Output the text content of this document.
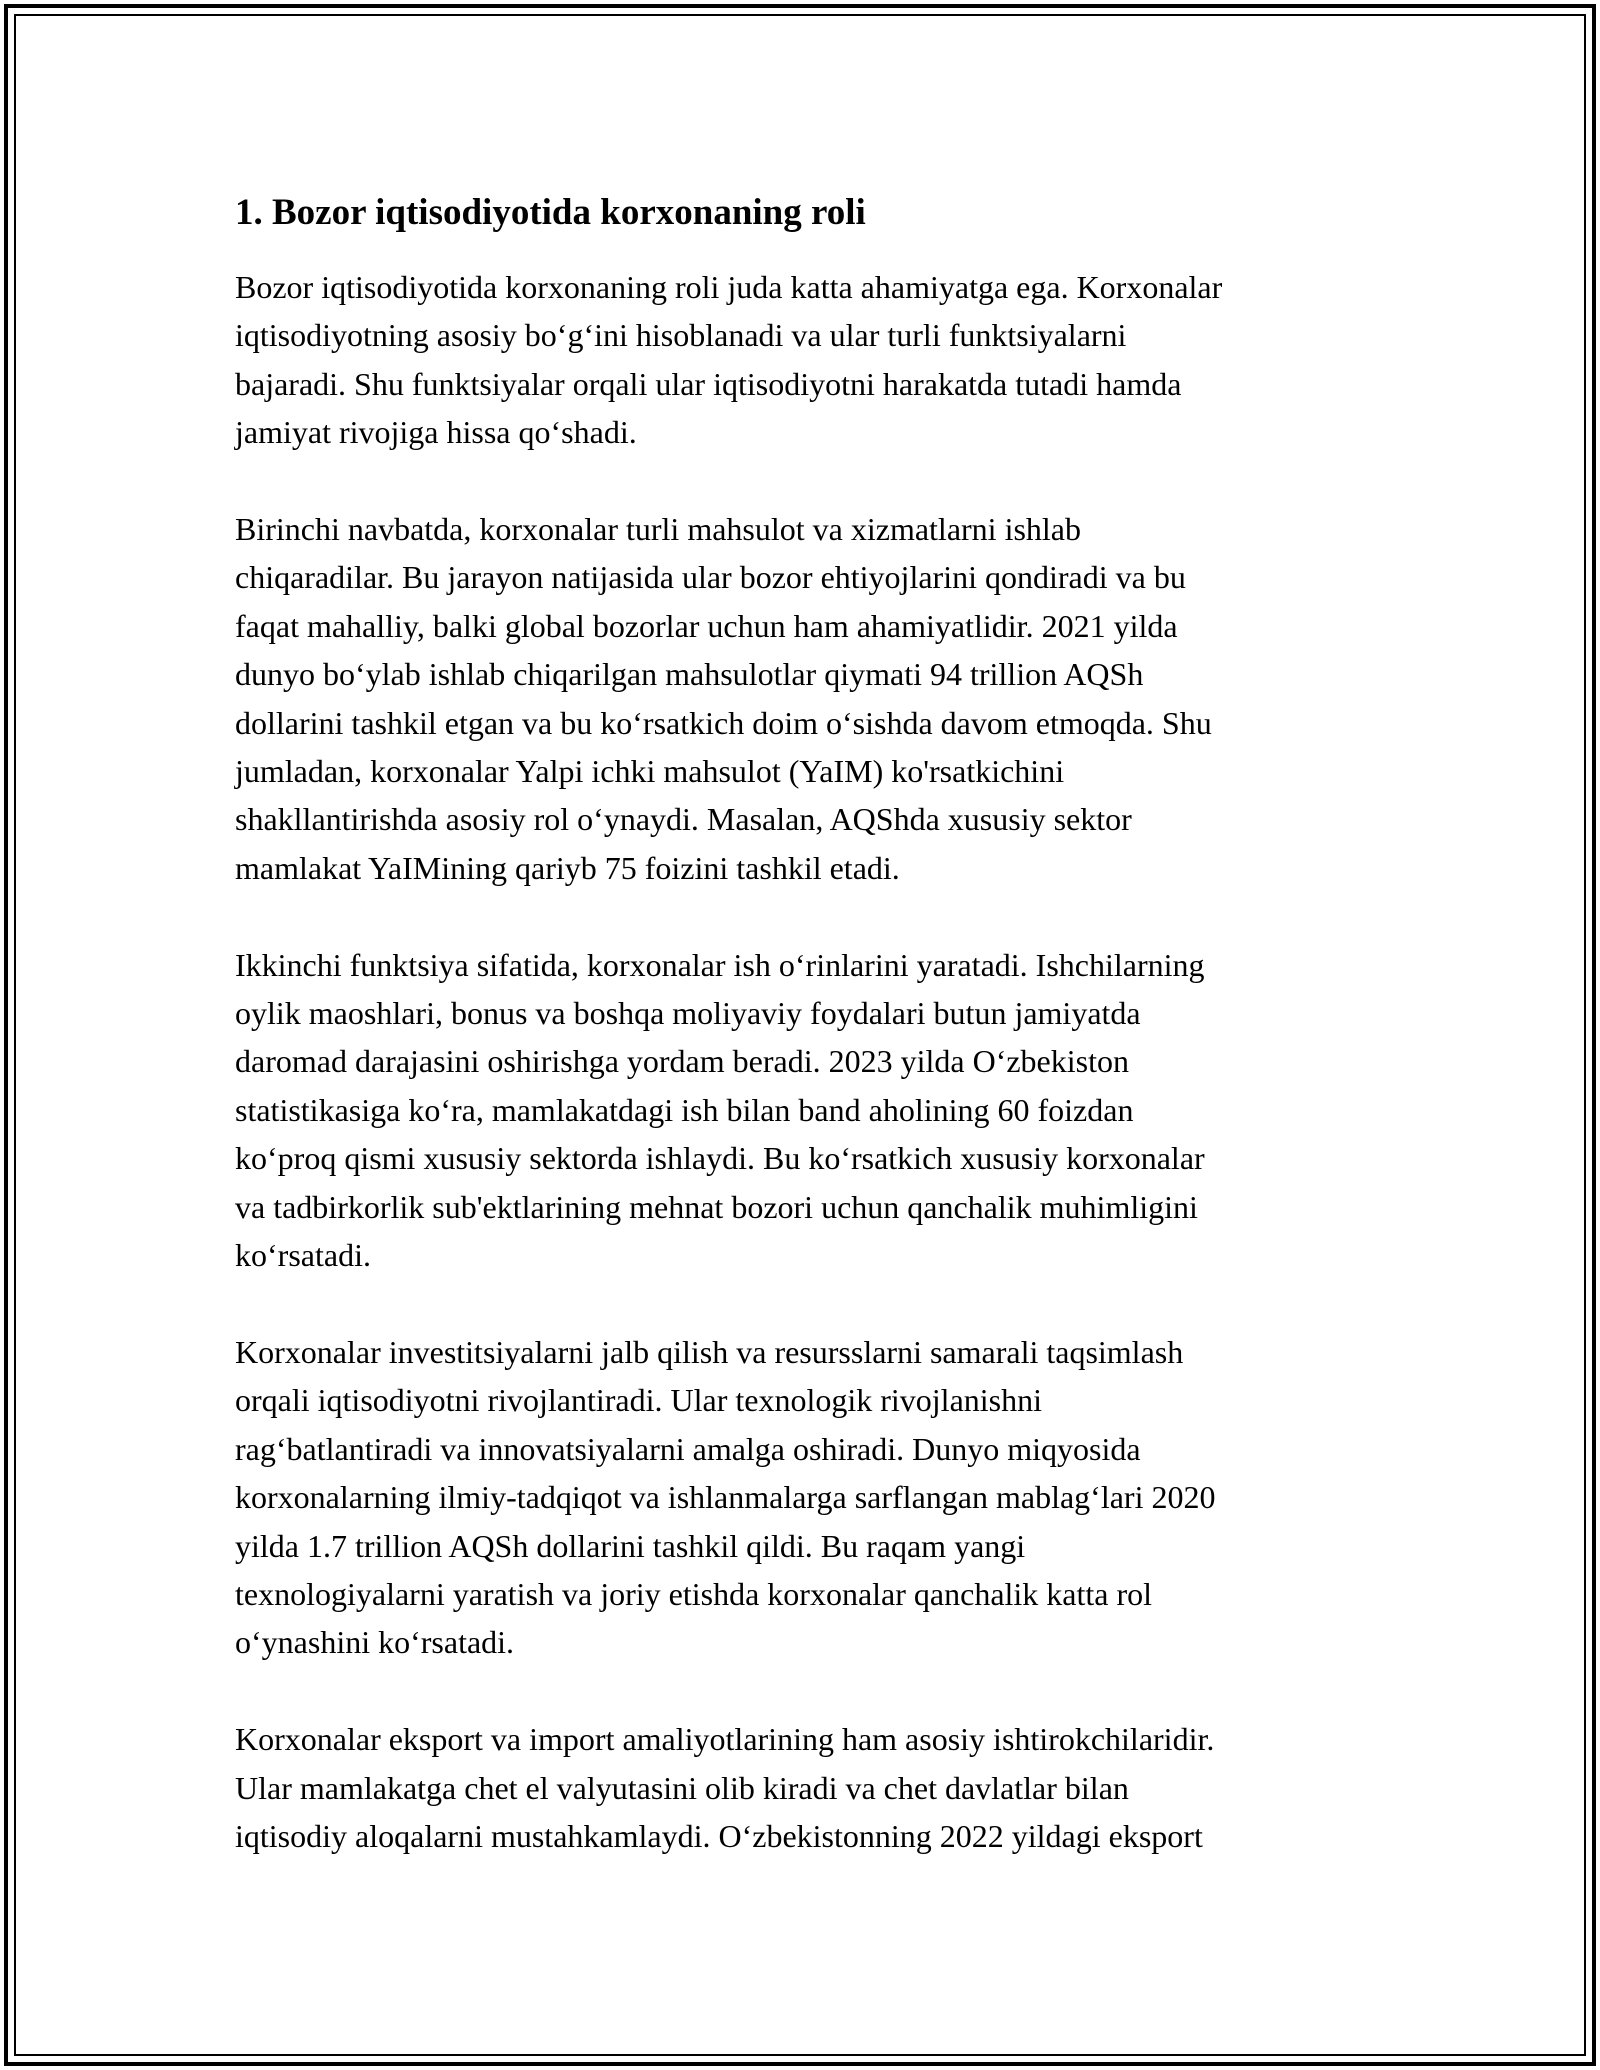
1. Bozor iqtisodiyotida korxonaning roli

Bozor iqtisodiyotida korxonaning roli juda katta ahamiyatga ega. Korxonalar
iqtisodiyotning asosiy bo‘g‘ini hisoblanadi va ular turli funktsiyalarni
bajaradi. Shu funktsiyalar orqali ular iqtisodiyotni harakatda tutadi hamda
jamiyat rivojiga hissa qo‘shadi.

Birinchi navbatda, korxonalar turli mahsulot va xizmatlarni ishlab
chiqaradilar. Bu jarayon natijasida ular bozor ehtiyojlarini qondiradi va bu
faqat mahalliy, balki global bozorlar uchun ham ahamiyatlidir. 2021 yilda
dunyo bo‘ylab ishlab chiqarilgan mahsulotlar qiymati 94 trillion AQSh
dollarini tashkil etgan va bu ko‘rsatkich doim o‘sishda davom etmoqda. Shu
jumladan, korxonalar Yalpi ichki mahsulot (YaIM) ko'rsatkichini
shakllantirishda asosiy rol o‘ynaydi. Masalan, AQShda xususiy sektor
mamlakat YaIMining qariyb 75 foizini tashkil etadi.

Ikkinchi funktsiya sifatida, korxonalar ish o‘rinlarini yaratadi. Ishchilarning
oylik maoshlari, bonus va boshqa moliyaviy foydalari butun jamiyatda
daromad darajasini oshirishga yordam beradi. 2023 yilda O‘zbekiston
statistikasiga ko‘ra, mamlakatdagi ish bilan band aholining 60 foizdan
ko‘proq qismi xususiy sektorda ishlaydi. Bu ko‘rsatkich xususiy korxonalar
va tadbirkorlik sub'ektlarining mehnat bozori uchun qanchalik muhimligini
ko‘rsatadi.

Korxonalar investitsiyalarni jalb qilish va resursslarni samarali taqsimlash
orqali iqtisodiyotni rivojlantiradi. Ular texnologik rivojlanishni
rag‘batlantiradi va innovatsiyalarni amalga oshiradi. Dunyo miqyosida
korxonalarning ilmiy-tadqiqot va ishlanmalarga sarflangan mablag‘lari 2020
yilda 1.7 trillion AQSh dollarini tashkil qildi. Bu raqam yangi
texnologiyalarni yaratish va joriy etishda korxonalar qanchalik katta rol
o‘ynashini ko‘rsatadi.

Korxonalar eksport va import amaliyotlarining ham asosiy ishtirokchilaridir.
Ular mamlakatga chet el valyutasini olib kiradi va chet davlatlar bilan
iqtisodiy aloqalarni mustahkamlaydi. O‘zbekistonning 2022 yildagi eksport
